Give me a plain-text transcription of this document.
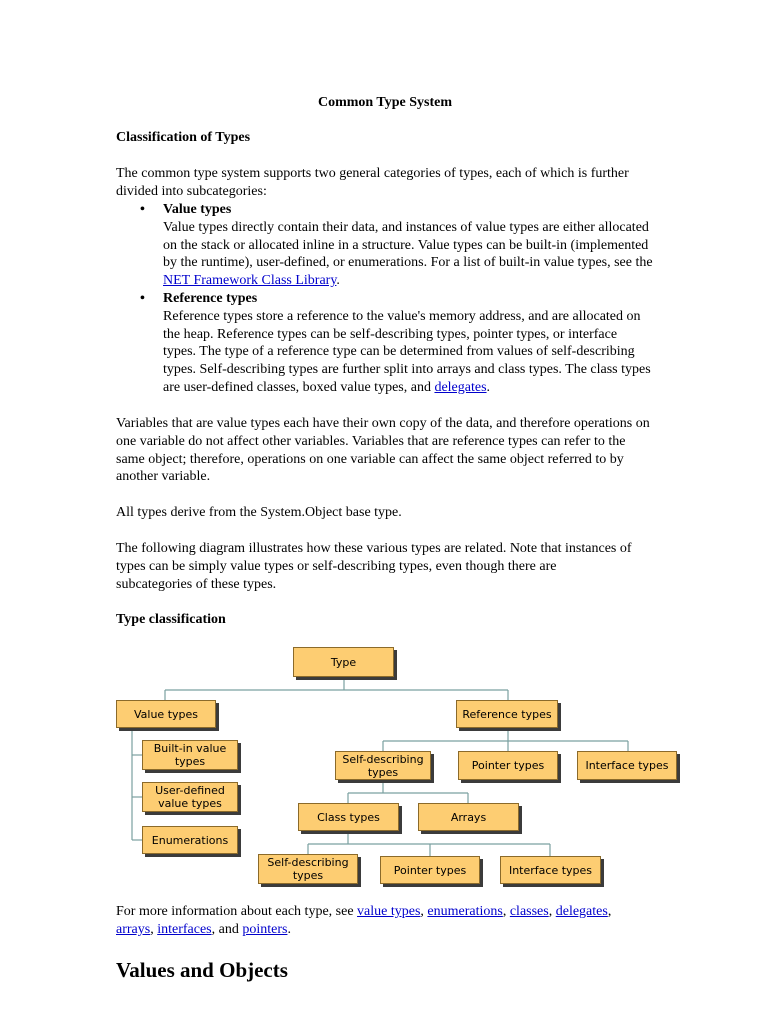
Common Type System
Classification of Types
The common type system supports two general categories of types, each of which is further divided into subcategories:
• Value types
Value types directly contain their data, and instances of value types are either allocated on the stack or allocated inline in a structure. Value types can be built-in (implemented by the runtime), user-defined, or enumerations. For a list of built-in value types, see the NET Framework Class Library.
• Reference types
Reference types store a reference to the value's memory address, and are allocated on the heap. Reference types can be self-describing types, pointer types, or interface types. The type of a reference type can be determined from values of self-describing types. Self-describing types are further split into arrays and class types. The class types are user-defined classes, boxed value types, and delegates.
Variables that are value types each have their own copy of the data, and therefore operations on one variable do not affect other variables. Variables that are reference types can refer to the same object; therefore, operations on one variable can affect the same object referred to by another variable.
All types derive from the System.Object base type.
The following diagram illustrates how these various types are related. Note that instances of types can be simply value types or self-describing types, even though there are subcategories of these types.
Type classification
For more information about each type, see value types, enumerations, classes, delegates, arrays, interfaces, and pointers.
Values and Objects
Type
Value types	Reference types
Built-in value types
User-defined value types
Enumerations
Self-describing types	Pointer types	Interface types
Class types	Arrays
Self-describing types	Pointer types	Interface types
